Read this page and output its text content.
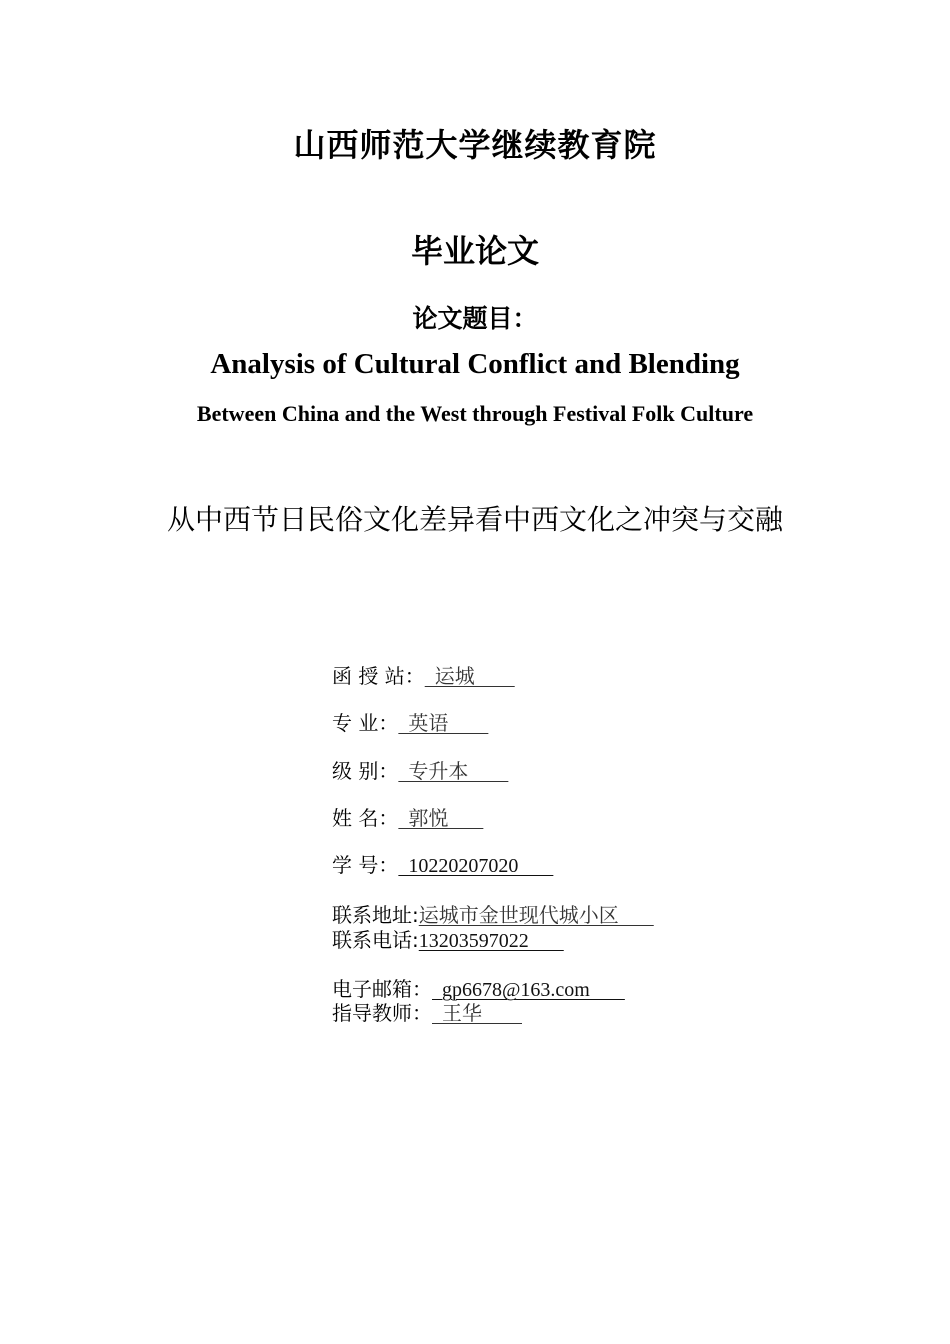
山西师范大学继续教育院
毕业论文
论文题目：
Analysis of Cultural Conflict and Blending
Between China and the West through Festival Folk Culture
从中西节日民俗文化差异看中西文化之冲突与交融
函 授 站：  运城
专 业：  英语
级 别：  专升本
姓 名：  郭悦
学 号：  10220207020
联系地址:运城市金世现代城小区
联系电话:13203597022
电子邮箱：  gp6678@163.com
指导教师：  王华
